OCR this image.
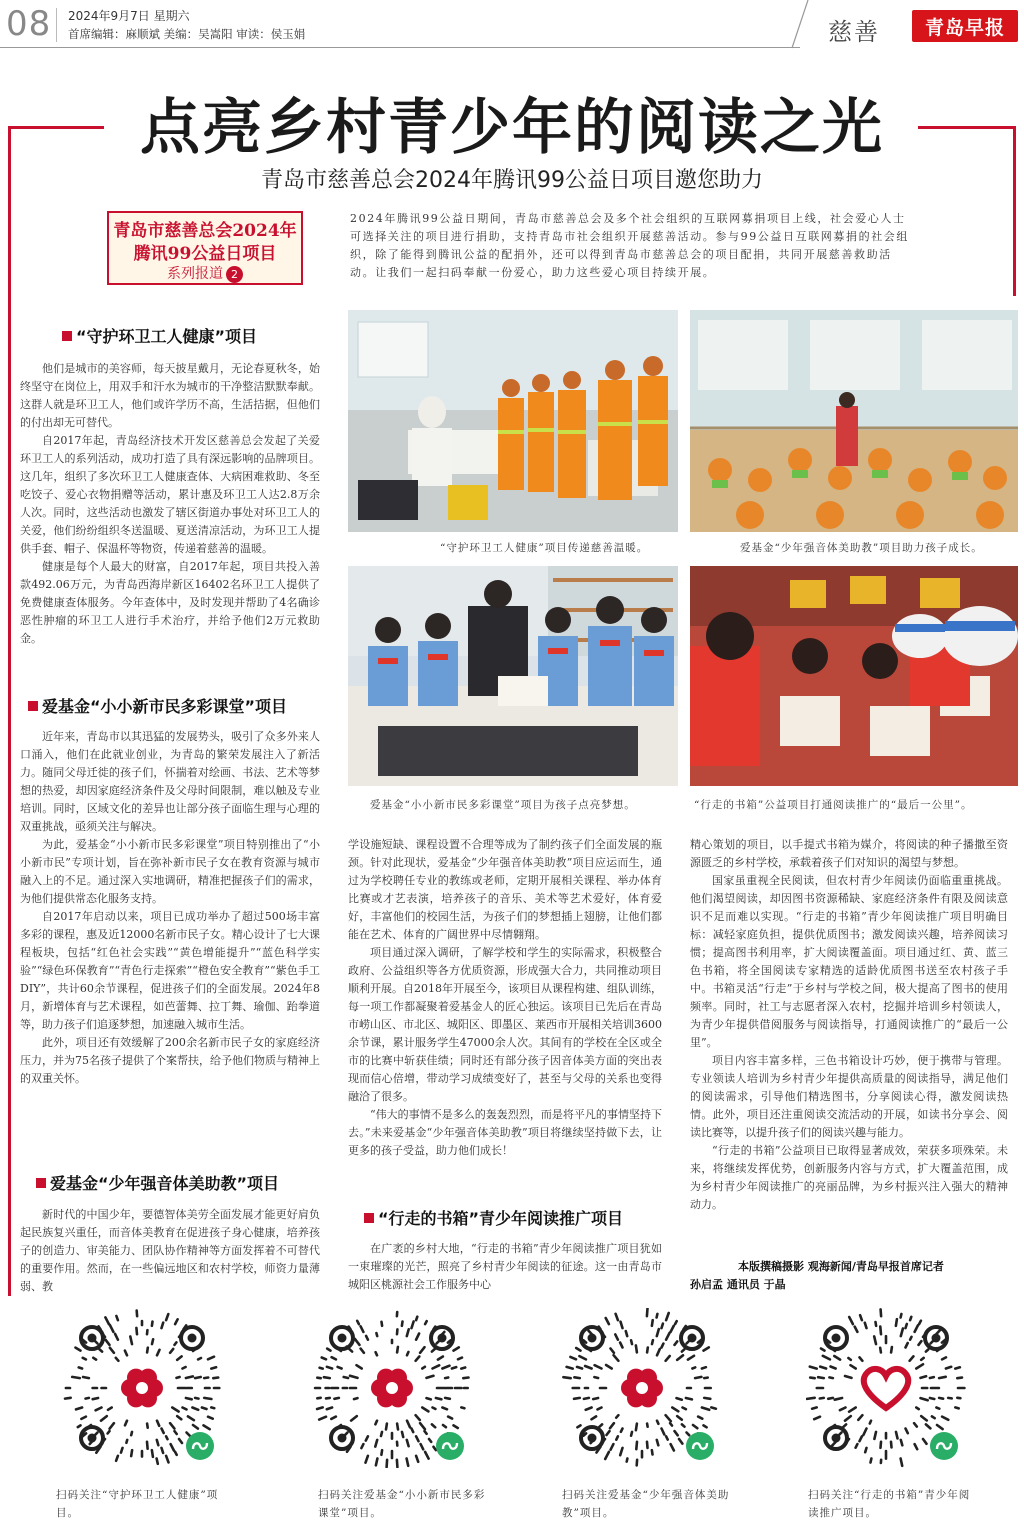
08 2024年9月7日 星期六
首席编辑：麻顺斌 美编：吴嵩阳 审读：侯玉娟	慈善	青岛早报
点亮乡村青少年的阅读之光
青岛市慈善总会2024年腾讯99公益日项目邀您助力
青岛市慈善总会2024年
腾讯99公益日项目
系列报道 2
2024年腾讯99公益日期间，青岛市慈善总会及多个社会组织的互联网募捐项目上线，社会爱心人士可选择关注的项目进行捐助，支持青岛市社会组织开展慈善活动。参与99公益日互联网募捐的社会组织，除了能得到腾讯公益的配捐外，还可以得到青岛市慈善总会的项目配捐，共同开展慈善救助活动。让我们一起扫码奉献一份爱心，助力这些爱心项目持续开展。
“守护环卫工人健康”项目

他们是城市的美容师，每天披星戴月，无论春夏秋冬，始终坚守在岗位上，用双手和汗水为城市的干净整洁默默奉献。这群人就是环卫工人，他们或许学历不高，生活拮据，但他们的付出却无可替代。

自2017年起，青岛经济技术开发区慈善总会发起了关爱环卫工人的系列活动，成功打造了具有深远影响的品牌项目。这几年，组织了多次环卫工人健康查体、大病困难救助、冬至吃饺子、爱心衣物捐赠等活动，累计惠及环卫工人达2.8万余人次。同时，这些活动也激发了辖区街道办事处对环卫工人的关爱，他们纷纷组织冬送温暖、夏送清凉活动，为环卫工人提供手套、帽子、保温杯等物资，传递着慈善的温暖。

健康是每个人最大的财富，自2017年起，项目共投入善款492.06万元，为青岛西海岸新区16402名环卫工人提供了免费健康查体服务。今年查体中，及时发现并帮助了4名确诊恶性肿瘤的环卫工人进行手术治疗，并给予他们2万元救助金。

爱基金“小小新市民多彩课堂”项目

近年来，青岛市以其迅猛的发展势头，吸引了众多外来人口涌入，他们在此就业创业，为青岛的繁荣发展注入了新活力。随同父母迁徙的孩子们，怀揣着对绘画、书法、艺术等梦想的热爱，却因家庭经济条件及父母时间限制，难以触及专业培训。同时，区域文化的差异也让部分孩子面临生理与心理的双重挑战，亟须关注与解决。

为此，爱基金“小小新市民多彩课堂”项目特别推出了“小小新市民”专项计划，旨在弥补新市民子女在教育资源与城市融入上的不足。通过深入实地调研，精准把握孩子们的需求，为他们提供常态化服务支持。

自2017年启动以来，项目已成功举办了超过500场丰富多彩的课程，惠及近12000名新市民子女。精心设计了七大课程板块，包括“红色社会实践”“黄色增能提升”“蓝色科学实验”“绿色环保教育”“青色行走探索”“橙色安全教育”“紫色手工DIY”，共计60余节课程，促进孩子们的全面发展。2024年8月，新增体育与艺术课程，如芭蕾舞、拉丁舞、瑜伽、跆拳道等，助力孩子们追逐梦想，加速融入城市生活。

此外，项目还有效缓解了200余名新市民子女的家庭经济压力，并为75名孩子提供了个案帮扶，给予他们物质与精神上的双重关怀。

爱基金“少年强音体美助教”项目

新时代的中国少年，要德智体美劳全面发展才能更好肩负起民族复兴重任，而音体美教育在促进孩子身心健康，培养孩子的创造力、审美能力、团队协作精神等方面发挥着不可替代的重要作用。然而，在一些偏远地区和农村学校，师资力量薄弱、教

“守护环卫工人健康”项目传递慈善温暖。	爱基金“少年强音体美助教”项目助力孩子成长。
爱基金“小小新市民多彩课堂”项目为孩子点亮梦想。	“行走的书箱”公益项目打通阅读推广的“最后一公里”。

学设施短缺、课程设置不合理等成为了制约孩子们全面发展的瓶颈。针对此现状，爱基金“少年强音体美助教”项目应运而生，通过为学校聘任专业的教练或老师，定期开展相关课程、举办体育比赛或才艺表演，培养孩子的音乐、美术等艺术爱好，体育爱好，丰富他们的校园生活，为孩子们的梦想插上翅膀，让他们都能在艺术、体育的广阔世界中尽情翱翔。

项目通过深入调研，了解学校和学生的实际需求，积极整合政府、公益组织等各方优质资源，形成强大合力，共同推动项目顺利开展。自2018年开展至今，该项目从课程构建、组队训练，每一项工作都凝聚着爱基金人的匠心独运。该项目已先后在青岛市崂山区、市北区、城阳区、即墨区、莱西市开展相关培训3600余节课，累计服务学生47000余人次。其间有的学校在全区或全市的比赛中斩获佳绩；同时还有部分孩子因音体美方面的突出表现而信心倍增，带动学习成绩变好了，甚至与父母的关系也变得融洽了很多。

“伟大的事情不是多么的轰轰烈烈，而是将平凡的事情坚持下去。”未来爱基金“少年强音体美助教”项目将继续坚持做下去，让更多的孩子受益，助力他们成长！

“行走的书箱”青少年阅读推广项目

在广袤的乡村大地，“行走的书箱”青少年阅读推广项目犹如一束璀璨的光芒，照亮了乡村青少年阅读的征途。这一由青岛市城阳区桃源社会工作服务中心

精心策划的项目，以手提式书箱为媒介，将阅读的种子播撒至资源匮乏的乡村学校，承载着孩子们对知识的渴望与梦想。

国家虽重视全民阅读，但农村青少年阅读仍面临重重挑战。他们渴望阅读，却因图书资源稀缺、家庭经济条件有限及阅读意识不足而难以实现。“行走的书箱”青少年阅读推广项目明确目标：减轻家庭负担，提供优质图书；激发阅读兴趣，培养阅读习惯；提高图书利用率，扩大阅读覆盖面。项目通过红、黄、蓝三色书箱，将全国阅读专家精选的适龄优质图书送至农村孩子手中。书箱灵活“行走”于乡村与学校之间，极大提高了图书的使用频率。同时，社工与志愿者深入农村，挖掘并培训乡村领读人，为青少年提供借阅服务与阅读指导，打通阅读推广的“最后一公里”。

项目内容丰富多样，三色书箱设计巧妙，便于携带与管理。专业领读人培训为乡村青少年提供高质量的阅读指导，满足他们的阅读需求，引导他们精选图书，分享阅读心得，激发阅读热情。此外，项目还注重阅读交流活动的开展，如读书分享会、阅读比赛等，以提升孩子们的阅读兴趣与能力。

“行走的书箱”公益项目已取得显著成效，荣获多项殊荣。未来，将继续发挥优势，创新服务内容与方式，扩大覆盖范围，成为乡村青少年阅读推广的亮丽品牌，为乡村振兴注入强大的精神动力。

本版撰稿摄影 观海新闻/青岛早报首席记者
孙启孟 通讯员 于晶
扫码关注“守护环卫工人健康”项目。
扫码关注爱基金“小小新市民多彩课堂”项目。
扫码关注爱基金“少年强音体美助教”项目。
扫码关注“行走的书箱”青少年阅读推广项目。
